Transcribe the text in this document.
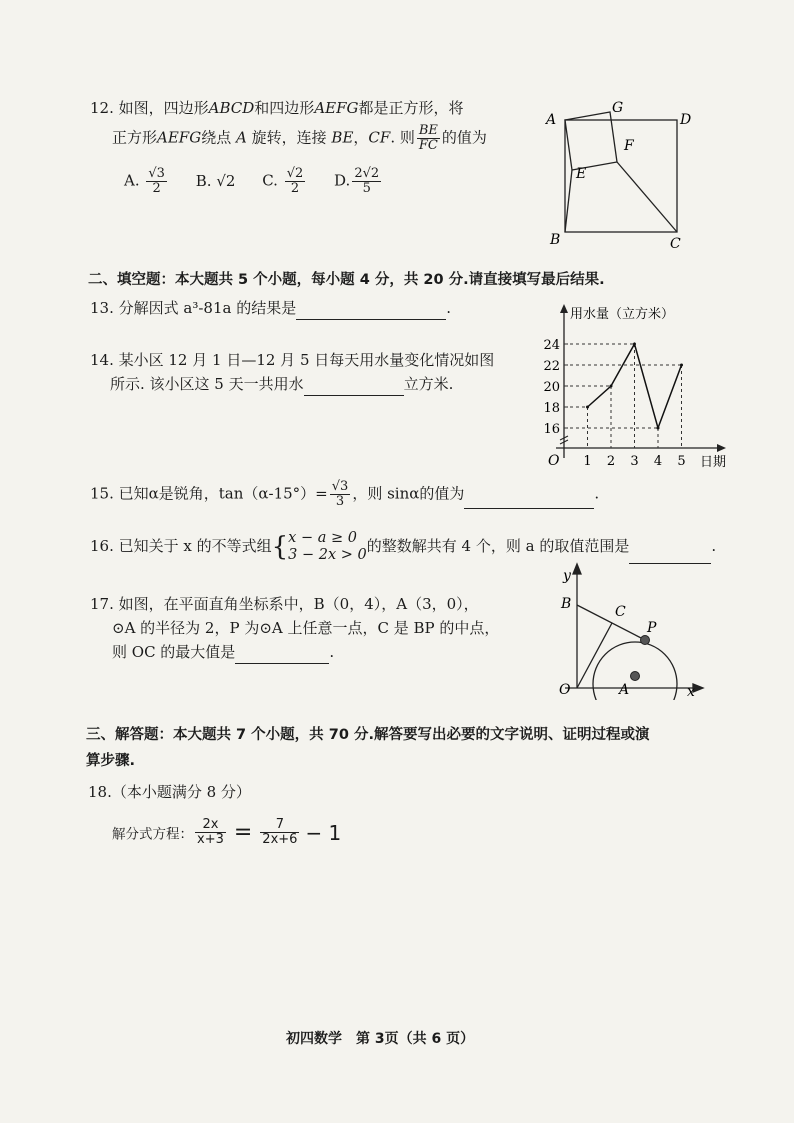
12. 如图，四边形ABCD和四边形AEFG都是正方形，将
正方形AEFG绕点 A 旋转，连接 BE，CF. 则 $\frac{BE}{FC}$ 的值为
A. $\frac{√3}{2} B$. √2 C. $\frac{√2}{2} D$. $\frac{2√2}{5}$
A
G
D
F
E
B	C
二、填空题：本大题共 5 个小题，每小题 4 分，共 20 分.请直接填写最后结果.
13. 分解因式 a³-81a 的结果是	.
14. 某小区 12 月 1 日—12 月 5 日每天用水量变化情况如图
所示. 该小区这 5 天一共用水	立方米.
16
18
20
22
24
1 2 3 4 5
O
用水量（立方米）
日期
15. 已知α是锐角，$\tan(\alpha-15^\circ)= \frac{√3}{3}$ ，则 sinα的值为	.
16. 已知关于 x 的不等式组{ x − a ≥ 0
3 − 2x > 0 的整数解共有 4 个，则 a 的取值范围是	.
17. 如图，在平面直角坐标系中，B（0，4），A（3，0），
⊙A 的半径为 2，P 为⊙A 上任意一点，C 是 BP 的中点，
则 OC 的最大值是	.
y
x
B	C
P
O	A
三、解答题：本大题共 7 个小题，共 70 分.解答要写出必要的文字说明、证明过程或演
算步骤.
18.（本小题满分 8 分）
解分式方程： $\frac{2x}{x+3} = \frac{7}{2x+6} - 1$
初四数学　第 3页（共 6 页）
